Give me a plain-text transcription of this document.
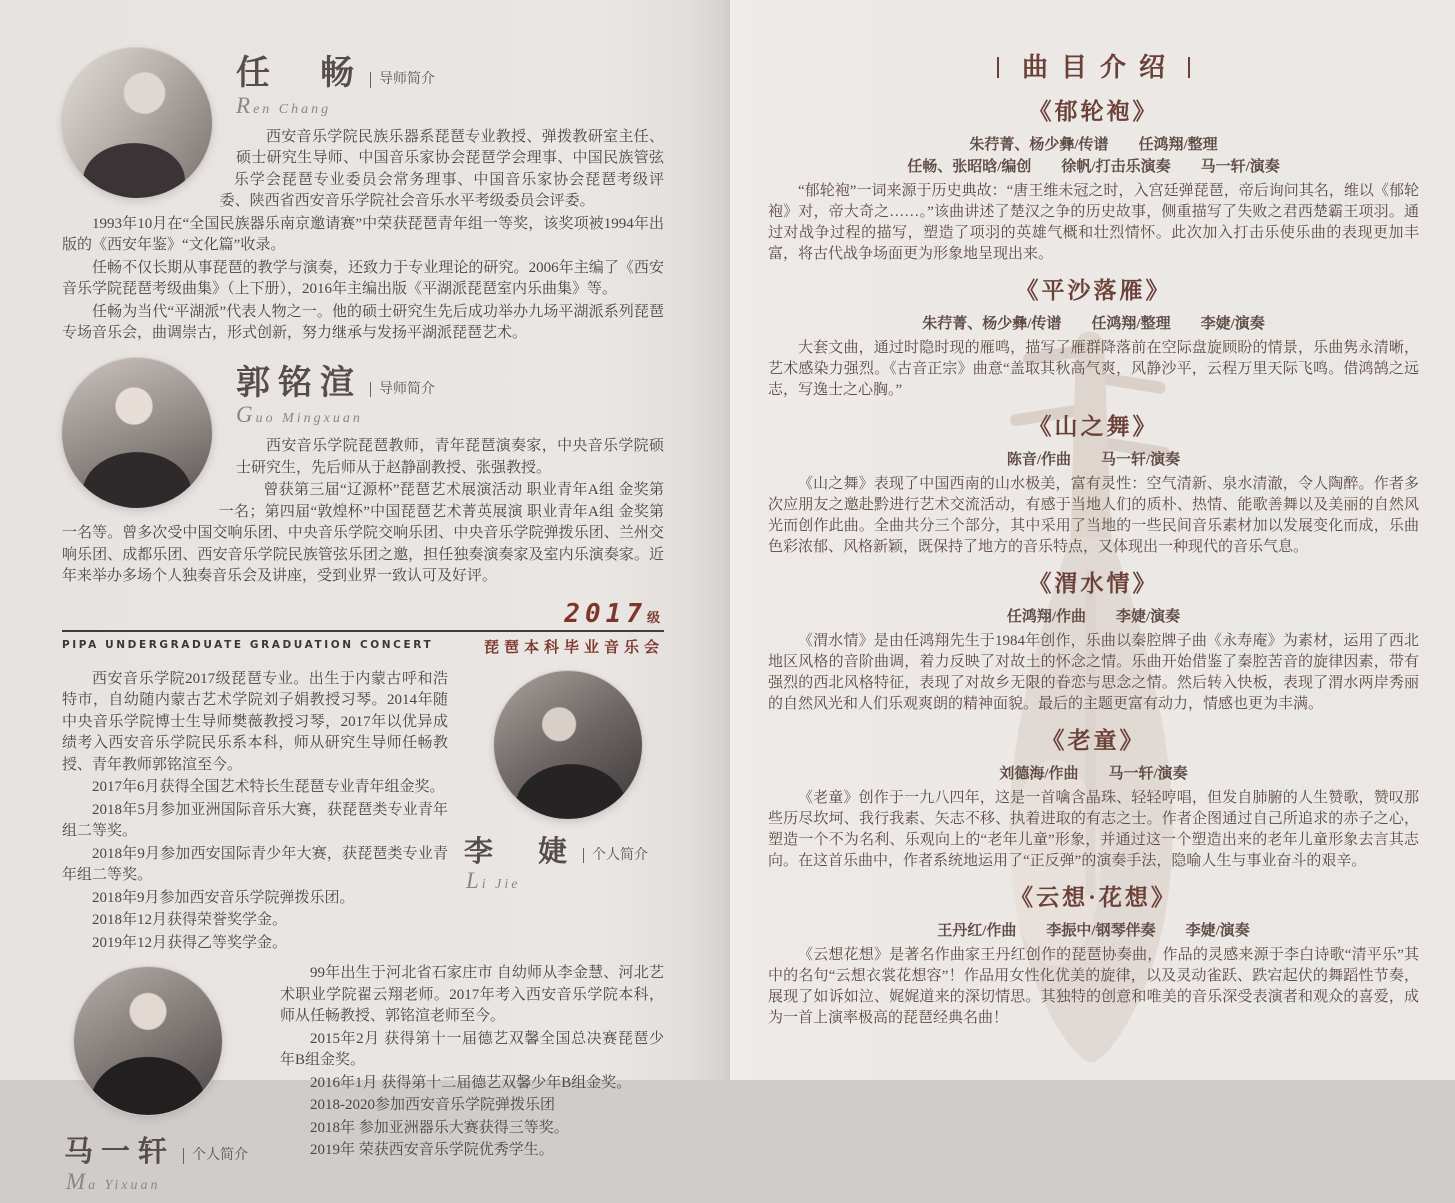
任　畅	导师简介
Ren Chang

西安音乐学院民族乐器系琵琶专业教授、弹拨教研室主任、硕士研究生导师、中国音乐家协会琵琶学会理事、中国民族管弦乐学会琵琶专业委员会常务理事、中国音乐家协会琵琶考级评委、陕西省西安音乐学院社会音乐水平考级委员会评委。

1993年10月在“全国民族器乐南京邀请赛”中荣获琵琶青年组一等奖，该奖项被1994年出版的《西安年鉴》“文化篇”收录。

任畅不仅长期从事琵琶的教学与演奏，还致力于专业理论的研究。2006年主编了《西安音乐学院琵琶考级曲集》（上下册），2016年主编出版《平湖派琵琶室内乐曲集》等。

任畅为当代“平湖派”代表人物之一。他的硕士研究生先后成功举办九场平湖派系列琵琶专场音乐会，曲调崇古，形式创新，努力继承与发扬平湖派琵琶艺术。

郭铭渲	导师简介
Guo Mingxuan

西安音乐学院琵琶教师，青年琵琶演奏家，中央音乐学院硕士研究生，先后师从于赵静副教授、张强教授。

曾获第三届“辽源杯”琵琶艺术展演活动 职业青年A组 金奖第一名；第四届“敦煌杯”中国琵琶艺术菁英展演 职业青年A组 金奖第一名等。曾多次受中国交响乐团、中央音乐学院交响乐团、中央音乐学院弹拨乐团、兰州交响乐团、成都乐团、西安音乐学院民族管弦乐团之邀，担任独奏演奏家及室内乐演奏家。近年来举办多场个人独奏音乐会及讲座，受到业界一致认可及好评。

2017级
PIPA UNDERGRADUATE GRADUATION CONCERT	琵琶本科毕业音乐会
李　婕	个人简介
Li Jie

西安音乐学院2017级琵琶专业。出生于内蒙古呼和浩特市，自幼随内蒙古艺术学院刘子娟教授习琴。2014年随中央音乐学院博士生导师樊薇教授习琴，2017年以优异成绩考入西安音乐学院民乐系本科，师从研究生导师任畅教授、青年教师郭铭渲至今。

2017年6月获得全国艺术特长生琵琶专业青年组金奖。

2018年5月参加亚洲国际音乐大赛，获琵琶类专业青年组二等奖。

2018年9月参加西安国际青少年大赛，获琵琶类专业青年组二等奖。

2018年9月参加西安音乐学院弹拨乐团。

2018年12月获得荣誉奖学金。

2019年12月获得乙等奖学金。

马一轩	个人简介
Ma Yixuan

99年出生于河北省石家庄市 自幼师从李金慧、河北艺术职业学院翟云翔老师。2017年考入西安音乐学院本科，师从任畅教授、郭铭渲老师至今。

2015年2月 获得第十一届德艺双馨全国总决赛琵琶少年B组金奖。

2016年1月 获得第十二届德艺双馨少年B组金奖。

2018-2020参加西安音乐学院弹拨乐团

2018年 参加亚洲器乐大赛获得三等奖。

2019年 荣获西安音乐学院优秀学生。

曲目介绍
《郁轮袍》
朱荇菁、杨少彝/传谱　　任鸿翔/整理
任畅、张昭晗/编创　　徐帆/打击乐演奏　　马一轩/演奏

“郁轮袍”一词来源于历史典故：“唐王维未冠之时，入宫廷弹琵琶，帝后询问其名，维以《郁轮袍》对，帝大奇之……。”该曲讲述了楚汉之争的历史故事，侧重描写了失败之君西楚霸王项羽。通过对战争过程的描写，塑造了项羽的英雄气概和壮烈情怀。此次加入打击乐使乐曲的表现更加丰富，将古代战争场面更为形象地呈现出来。

《平沙落雁》
朱荇菁、杨少彝/传谱　　任鸿翔/整理　　李婕/演奏

大套文曲，通过时隐时现的雁鸣，描写了雁群降落前在空际盘旋顾盼的情景，乐曲隽永清晰，艺术感染力强烈。《古音正宗》曲意“盖取其秋高气爽，风静沙平，云程万里天际飞鸣。借鸿鹄之远志，写逸士之心胸。”

《山之舞》
陈音/作曲　　马一轩/演奏

《山之舞》表现了中国西南的山水极美，富有灵性：空气清新、泉水清澈，令人陶醉。作者多次应朋友之邀赴黔进行艺术交流活动，有感于当地人们的质朴、热情、能歌善舞以及美丽的自然风光而创作此曲。全曲共分三个部分，其中采用了当地的一些民间音乐素材加以发展变化而成，乐曲色彩浓郁、风格新颖，既保持了地方的音乐特点，又体现出一种现代的音乐气息。

《渭水情》
任鸿翔/作曲　　李婕/演奏

《渭水情》是由任鸿翔先生于1984年创作，乐曲以秦腔牌子曲《永寿庵》为素材，运用了西北地区风格的音阶曲调，着力反映了对故土的怀念之情。乐曲开始借鉴了秦腔苦音的旋律因素，带有强烈的西北风格特征，表现了对故乡无限的眷恋与思念之情。然后转入快板，表现了渭水两岸秀丽的自然风光和人们乐观爽朗的精神面貌。最后的主题更富有动力，情感也更为丰满。

《老童》
刘德海/作曲　　马一轩/演奏

《老童》创作于一九八四年，这是一首噙含晶珠、轻轻哼唱，但发自肺腑的人生赞歌，赞叹那些历尽坎坷、我行我素、矢志不移、执着进取的有志之士。作者企图通过自己所追求的赤子之心，塑造一个不为名利、乐观向上的“老年儿童”形象，并通过这一个塑造出来的老年儿童形象去言其志向。在这首乐曲中，作者系统地运用了“正反弹”的演奏手法，隐喻人生与事业奋斗的艰辛。

《云想·花想》
王丹红/作曲　　李振中/钢琴伴奏　　李婕/演奏

《云想花想》是著名作曲家王丹红创作的琵琶协奏曲，作品的灵感来源于李白诗歌“清平乐”其中的名句“云想衣裳花想容”！作品用女性化优美的旋律，以及灵动雀跃、跌宕起伏的舞蹈性节奏，展现了如诉如泣、娓娓道来的深切情思。其独特的创意和唯美的音乐深受表演者和观众的喜爱，成为一首上演率极高的琵琶经典名曲！
